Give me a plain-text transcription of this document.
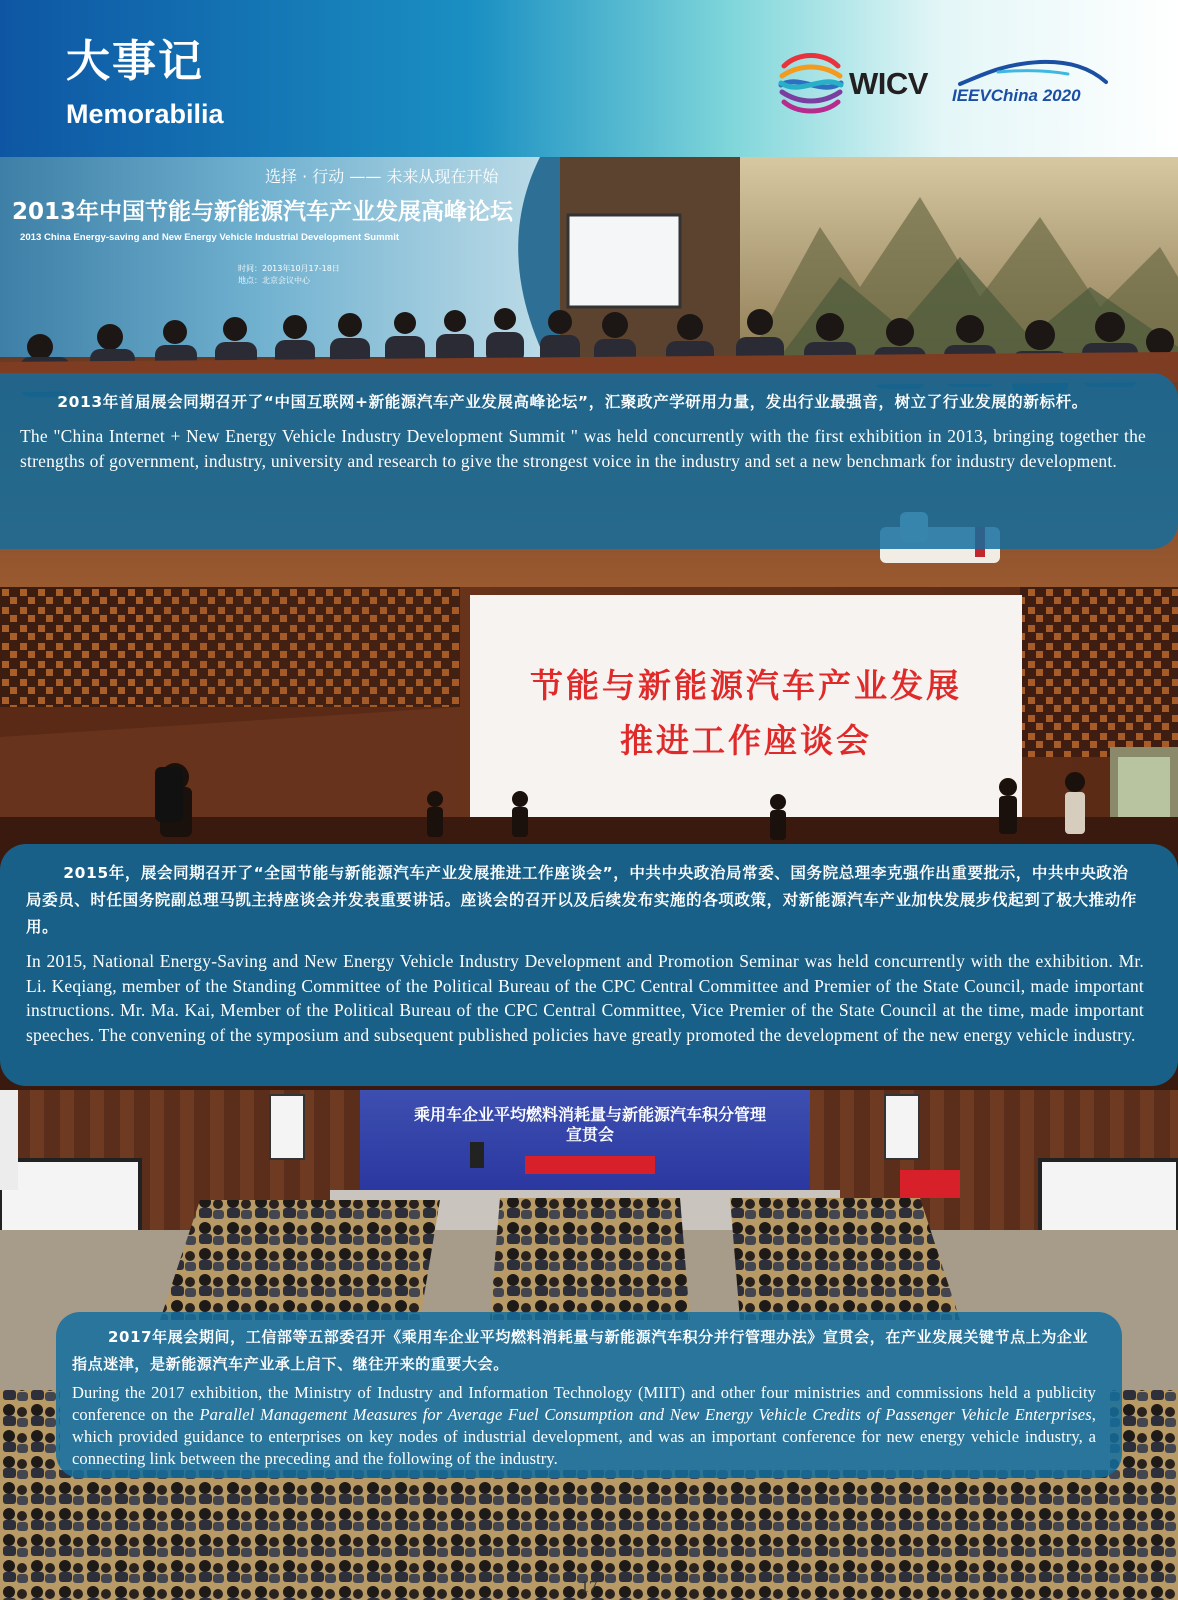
大事记
Memorabilia
WICV IEEVChina 2020
选择 · 行动 —— 未来从现在开始
2013年中国节能与新能源汽车产业发展高峰论坛
2013 China Energy-saving and New Energy Vehicle Industrial Development Summit
时间：2013年10月17-18日
地点：北京会议中心

2013年首届展会同期召开了“中国互联网+新能源汽车产业发展高峰论坛”，汇聚政产学研用力量，发出行业最强音，树立了行业发展的新标杆。

The "China Internet + New Energy Vehicle Industry Development Summit " was held concurrently with the first exhibition in 2013, bringing together the strengths of government, industry, university and research to give the strongest voice in the industry and set a new benchmark for industry development.

节能与新能源汽车产业发展
推进工作座谈会

2015年，展会同期召开了“全国节能与新能源汽车产业发展推进工作座谈会”，中共中央政治局常委、国务院总理李克强作出重要批示，中共中央政治局委员、时任国务院副总理马凯主持座谈会并发表重要讲话。座谈会的召开以及后续发布实施的各项政策，对新能源汽车产业加快发展步伐起到了极大推动作用。

In 2015, National Energy-Saving and New Energy Vehicle Industry Development and Promotion Seminar was held concurrently with the exhibition. Mr. Li. Keqiang, member of the Standing Committee of the Political Bureau of the CPC Central Committee and Premier of the State Council, made important instructions. Mr. Ma. Kai, Member of the Political Bureau of the CPC Central Committee, Vice Premier of the State Council at the time, made important speeches. The convening of the symposium and subsequent published policies have greatly promoted the development of the new energy vehicle industry.

乘用车企业平均燃料消耗量与新能源汽车积分管理
宣贯会

2017年展会期间，工信部等五部委召开《乘用车企业平均燃料消耗量与新能源汽车积分并行管理办法》宣贯会，在产业发展关键节点上为企业指点迷津，是新能源汽车产业承上启下、继往开来的重要大会。

During the 2017 exhibition, the Ministry of Industry and Information Technology (MIIT) and other four ministries and commissions held a publicity conference on the Parallel Management Measures for Average Fuel Consumption and New Energy Vehicle Credits of Passenger Vehicle Enterprises, which provided guidance to enterprises on key nodes of industrial development, and was an important conference for new energy vehicle industry, a connecting link between the preceding and the following of the industry.

17
